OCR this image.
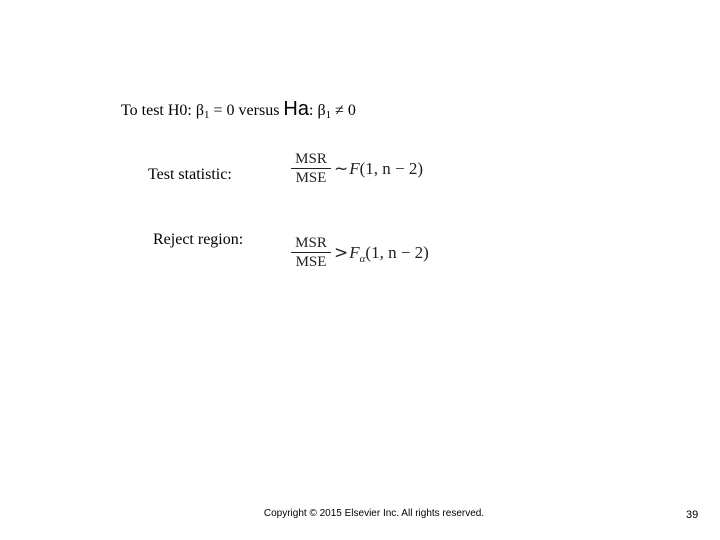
To test H0: β1 = 0 versus Ha: β1 ≠ 0
Test statistic:	$\frac{\text{MSR}}{\text{MSE}}$ ~ F(1, n − 2)
Reject region:	$\frac{\text{MSR}}{\text{MSE}} > F_\alpha(1$, n − 2)
Copyright © 2015 Elsevier Inc. All rights reserved.	39
